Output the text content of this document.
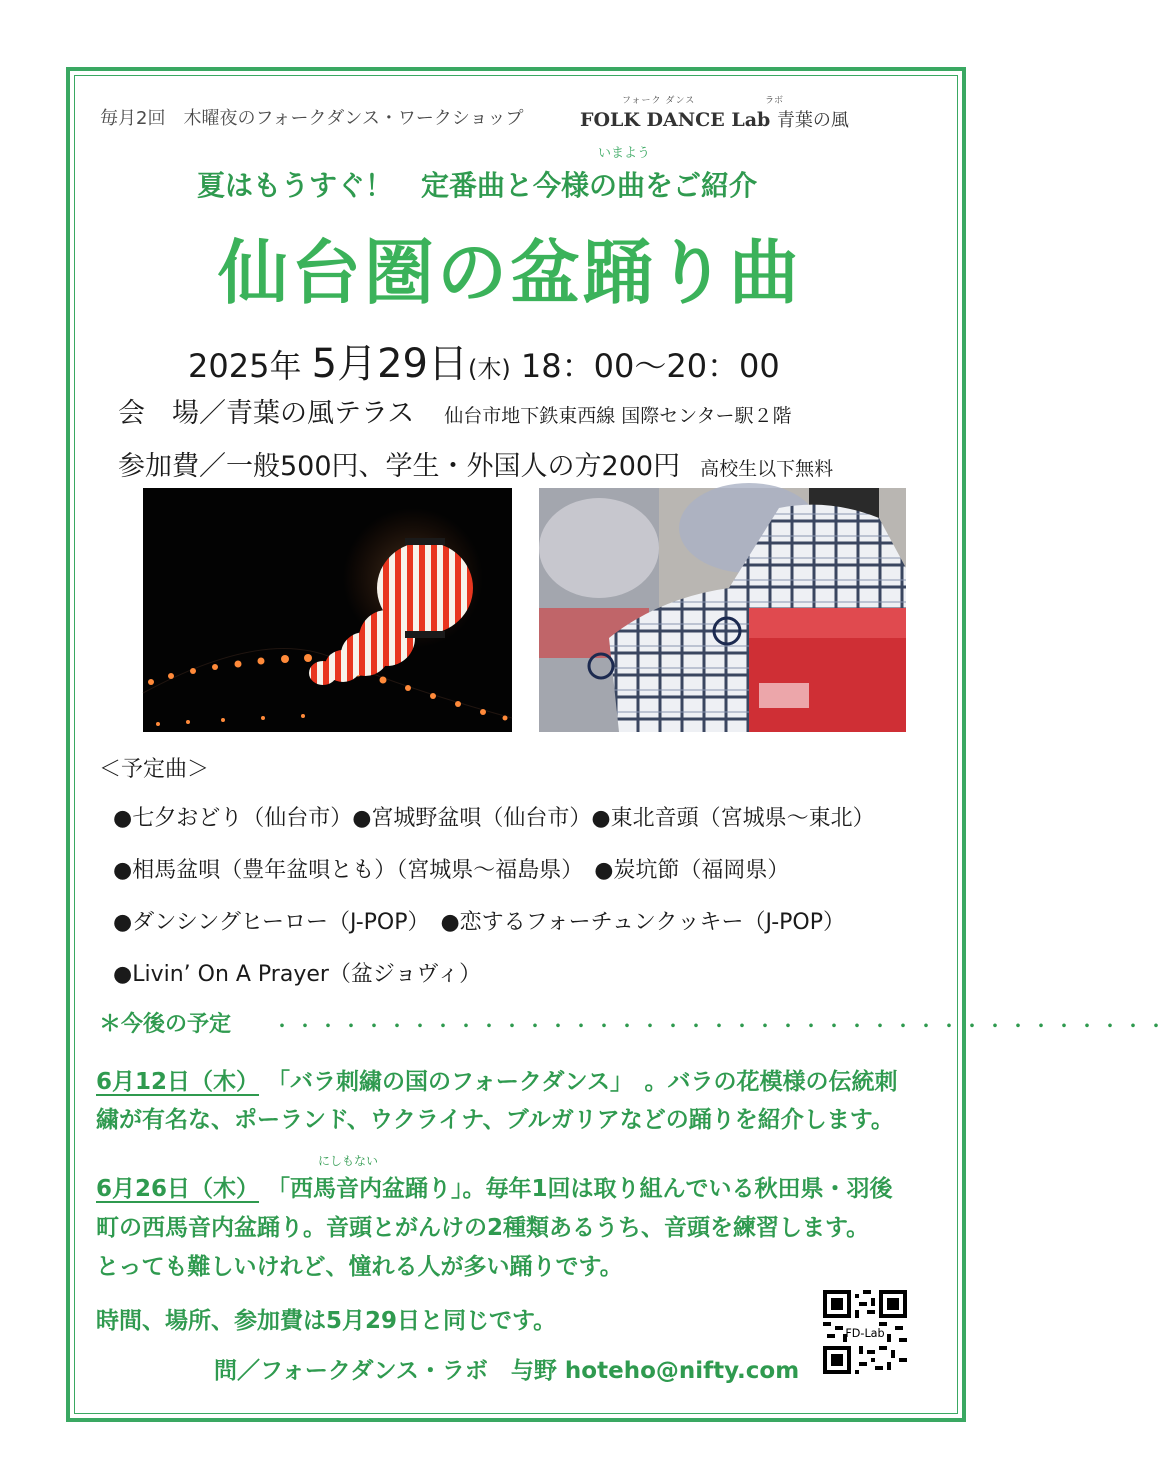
毎月2回　木曜夜のフォークダンス・ワークショップ
フォーク ダンス	ラボ
FOLK DANCE Lab 青葉の風
いまよう
夏はもうすぐ！　定番曲と今様の曲をご紹介
仙台圏の盆踊り曲
2025年 5月29日(木) 18：00～20：00
会　場／青葉の風テラス 仙台市地下鉄東西線 国際センター駅２階
参加費／一般500円、学生・外国人の方200円 高校生以下無料
＜予定曲＞
●七夕おどり（仙台市）●宮城野盆唄（仙台市）●東北音頭（宮城県～東北）
●相馬盆唄（豊年盆唄とも）（宮城県～福島県）　●炭坑節（福岡県）
●ダンシングヒーロー（J-POP）　●恋するフォーチュンクッキー（J-POP）
●Livin’ On A Prayer（盆ジョヴィ）
＊今後の予定 ・・・・・・・・・・・・・・・・・・・・・・・・・・・・・・・・・・・・・・・
6月12日（木） 「バラ刺繍の国のフォークダンス」　。バラの花模様の伝統刺
繍が有名な、ポーランド、ウクライナ、ブルガリアなどの踊りを紹介します。
にしもない
6月26日（木） 「西馬音内盆踊り」。毎年1回は取り組んでいる秋田県・羽後
町の西馬音内盆踊り。音頭とがんけの2種類あるうち、音頭を練習します。
とっても難しいけれど、憧れる人が多い踊りです。
時間、場所、参加費は5月29日と同じです。
問／フォークダンス・ラボ　与野 hoteho@nifty.com
FD-Lab
